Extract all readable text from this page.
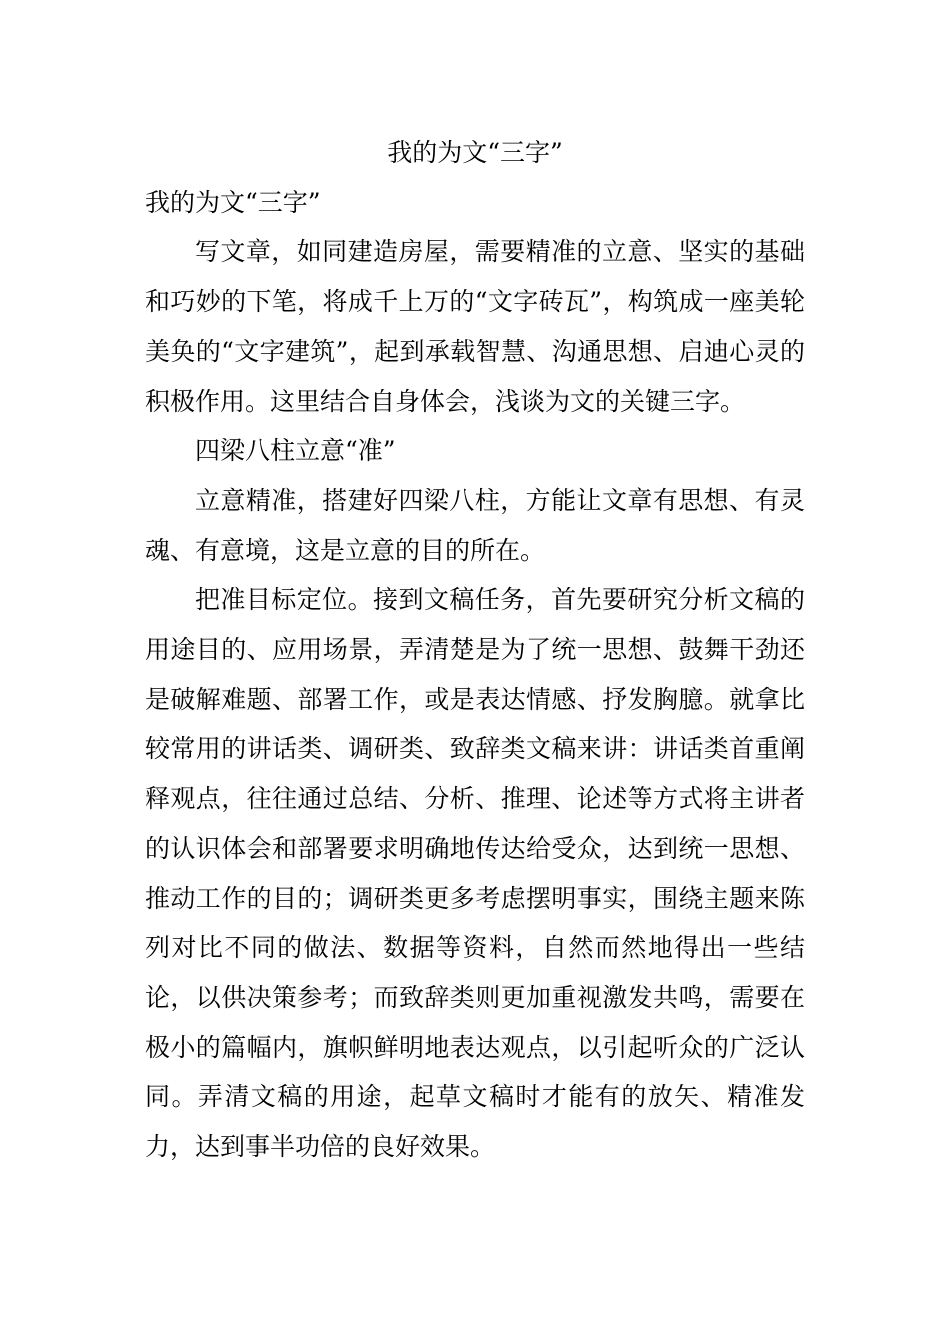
我的为文“三字”

我的为文“三字”

写文章，如同建造房屋，需要精准的立意、坚实的基础和巧妙的下笔，将成千上万的“文字砖瓦”，构筑成一座美轮美奂的“文字建筑”，起到承载智慧、沟通思想、启迪心灵的积极作用。这里结合自身体会，浅谈为文的关键三字。

四梁八柱立意“准”

立意精准，搭建好四梁八柱，方能让文章有思想、有灵魂、有意境，这是立意的目的所在。

把准目标定位。接到文稿任务，首先要研究分析文稿的用途目的、应用场景，弄清楚是为了统一思想、鼓舞干劲还是破解难题、部署工作，或是表达情感、抒发胸臆。就拿比较常用的讲话类、调研类、致辞类文稿来讲：讲话类首重阐释观点，往往通过总结、分析、推理、论述等方式将主讲者的认识体会和部署要求明确地传达给受众，达到统一思想、推动工作的目的；调研类更多考虑摆明事实，围绕主题来陈列对比不同的做法、数据等资料，自然而然地得出一些结论，以供决策参考；而致辞类则更加重视激发共鸣，需要在极小的篇幅内，旗帜鲜明地表达观点，以引起听众的广泛认同。弄清文稿的用途，起草文稿时才能有的放矢、精准发力，达到事半功倍的良好效果。
